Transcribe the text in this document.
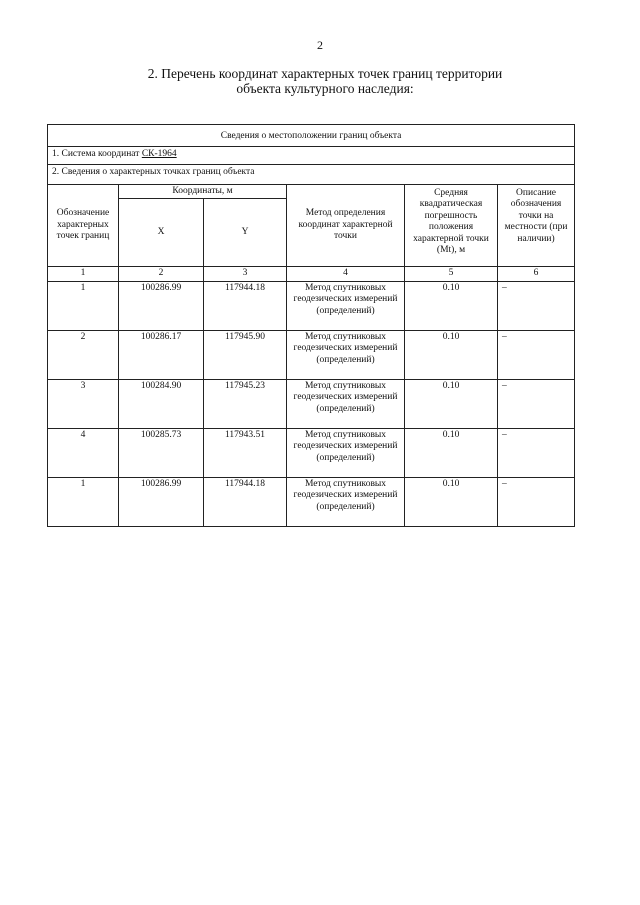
2
2. Перечень координат характерных точек границ территории
объекта культурного наследия:
Сведения о местоположении границ объекта					
1. Система координат СК-1964					
2. Сведения о характерных точках границ объекта					
Обозначение характерных точек границ	Координаты, м		Метод определения координат характерной точки	Средняя квадратическая погрешность положения характерной точки (Mt), м	Описание обозначения точки на местности (при наличии)
	X	Y			
1	2	3	4	5	6
1	100286.99	117944.18	Метод спутниковых геодезических измерений (определений)	0.10	–
2	100286.17	117945.90	Метод спутниковых геодезических измерений (определений)	0.10	–
3	100284.90	117945.23	Метод спутниковых геодезических измерений (определений)	0.10	–
4	100285.73	117943.51	Метод спутниковых геодезических измерений (определений)	0.10	–
1	100286.99	117944.18	Метод спутниковых геодезических измерений (определений)	0.10	–
